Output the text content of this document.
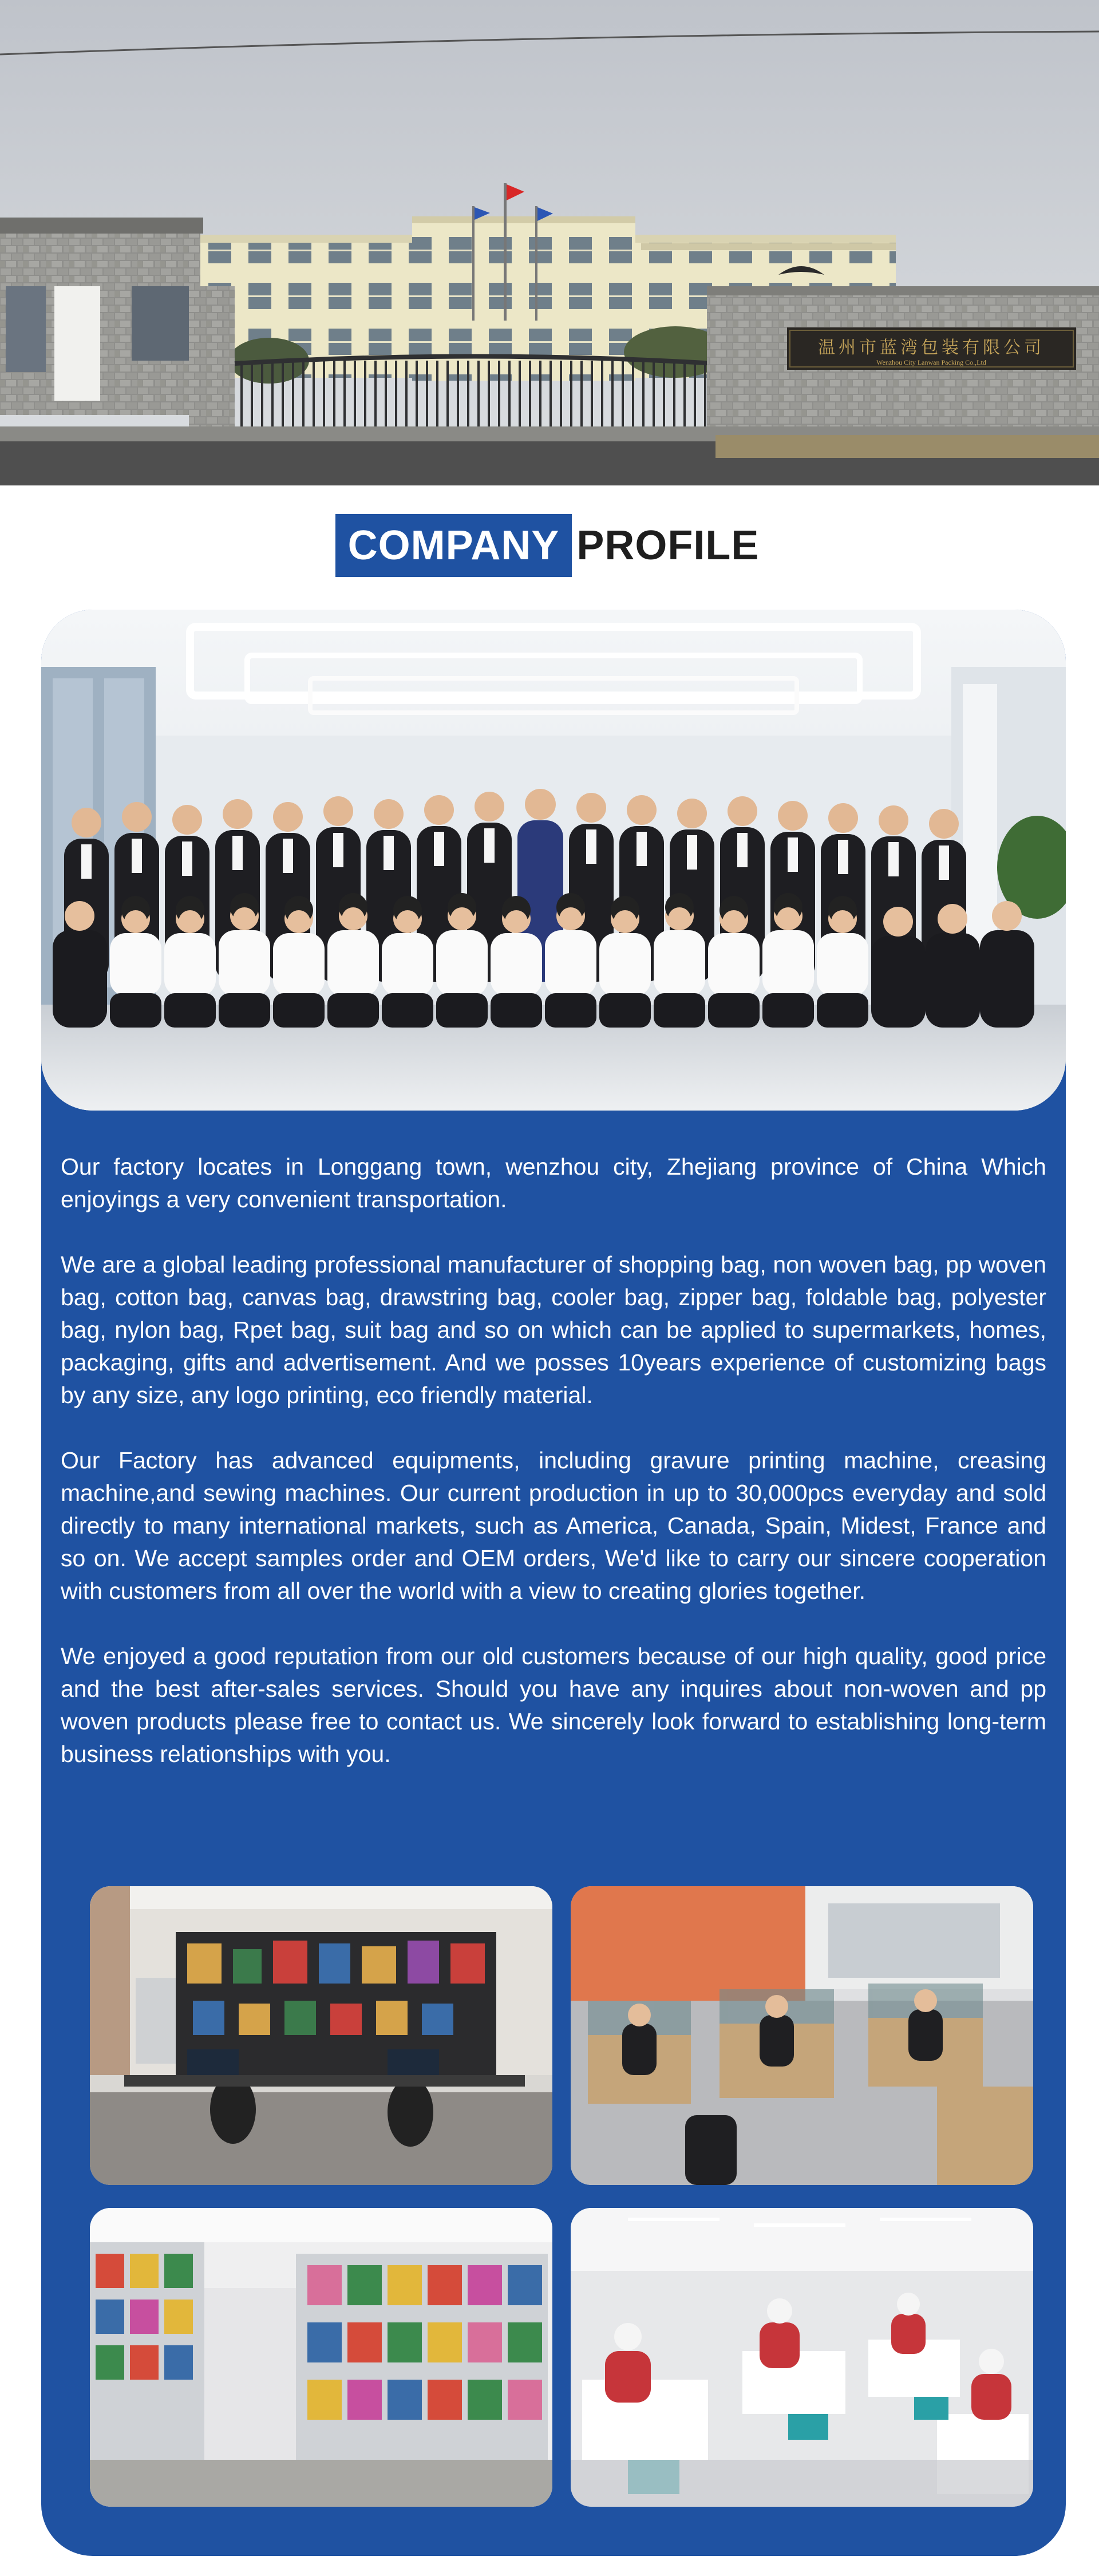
温州市蓝湾包装有限公司
Wenzhou City Lanwan Packing Co.,Ltd
COMPANY PROFILE

Our factory locates in Longgang town, wenzhou city, Zhejiang province of China Which enjoyings a very convenient transportation.

We are a global leading professional manufacturer of shopping bag, non woven bag, pp woven bag, cotton bag, canvas bag, drawstring bag, cooler bag, zipper bag, foldable bag, polyester bag, nylon bag, Rpet bag, suit bag and so on which can be applied to supermarkets, homes, packaging, gifts and advertisement. And we posses 10years experience of customizing bags by any size, any logo printing, eco friendly material.

Our Factory has advanced equipments, including gravure printing machine, creasing machine,and sewing machines. Our current production in up to 30,000pcs everyday and sold directly to many international markets, such as America, Canada, Spain, Midest, France and so on. We accept samples order and OEM orders, We'd like to carry our sincere cooperation with customers from all over the world with a view to creating glories together.

We enjoyed a good reputation from our old customers because of our high quality, good price and the best after-sales services. Should you have any inquires about non-woven and pp woven products please free to contact us. We sincerely look forward to establishing long-term business relationships with you.
